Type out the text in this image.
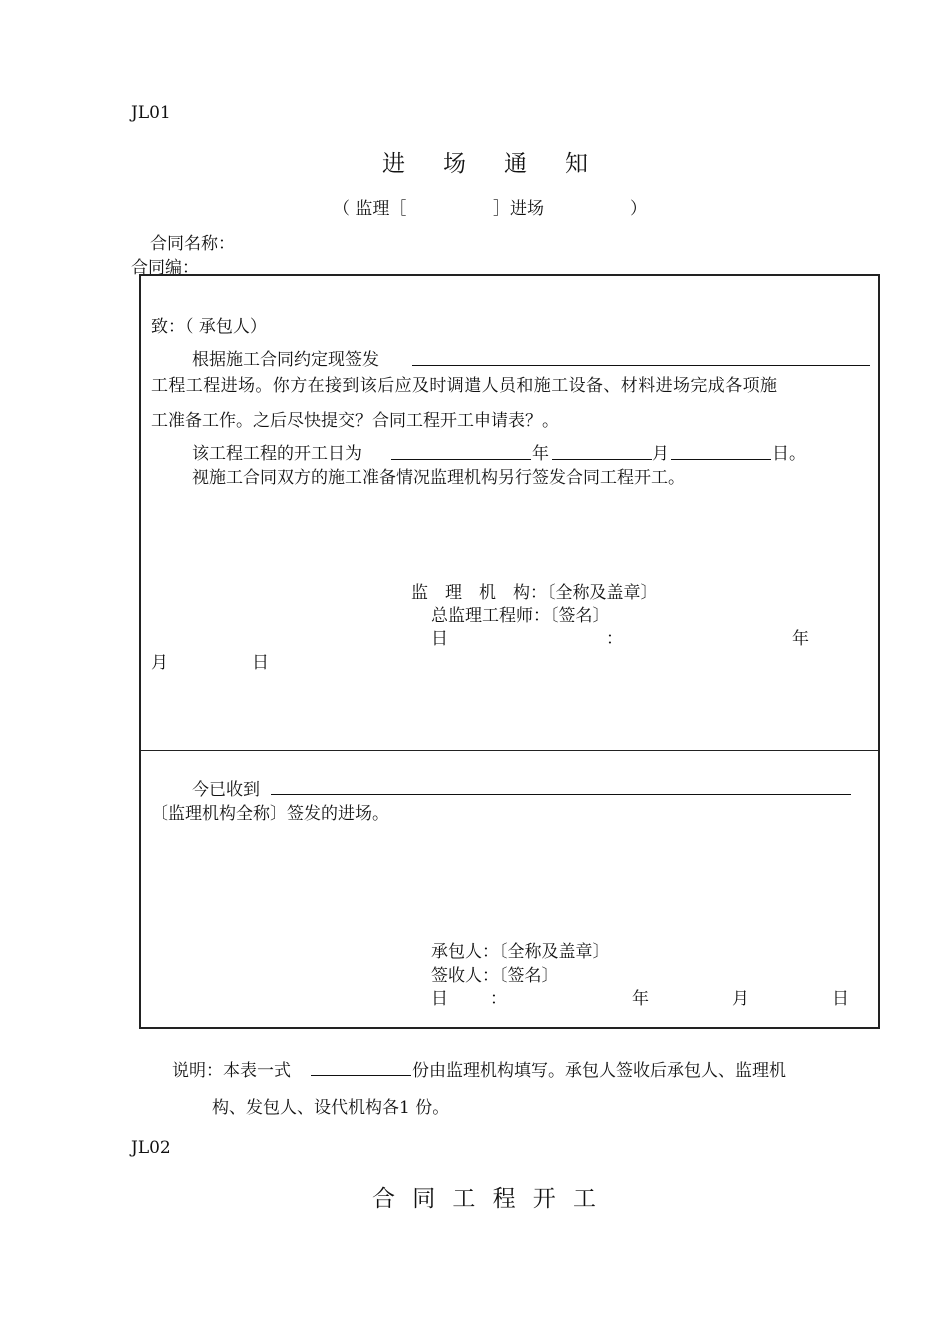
JL01
进 场 通 知
（ 监理［	］进场	）
合同名称：
合同编：
致：（ 承包人）
根据施工合同约定现签发
工程工程进场。你方在接到该后应及时调遣人员和施工设备、材料进场完成各项施
工准备工作。之后尽快提交？合同工程开工申请表？。
该工程工程的开工日为	年	月	日。
视施工合同双方的施工准备情况监理机构另行签发合同工程开工。
监　理　机　构：〔全称及盖章〕
总监理工程师：〔签名〕
日	：	年
月	日
今已收到
〔监理机构全称〕签发的进场。
承包人：〔全称及盖章〕
签收人：〔签名〕
日 ：	年	月	日
说明：本表一式	份由监理机构填写。承包人签收后承包人、监理机
构、发包人、设代机构各1 份。
JL02
合 同 工 程 开 工
